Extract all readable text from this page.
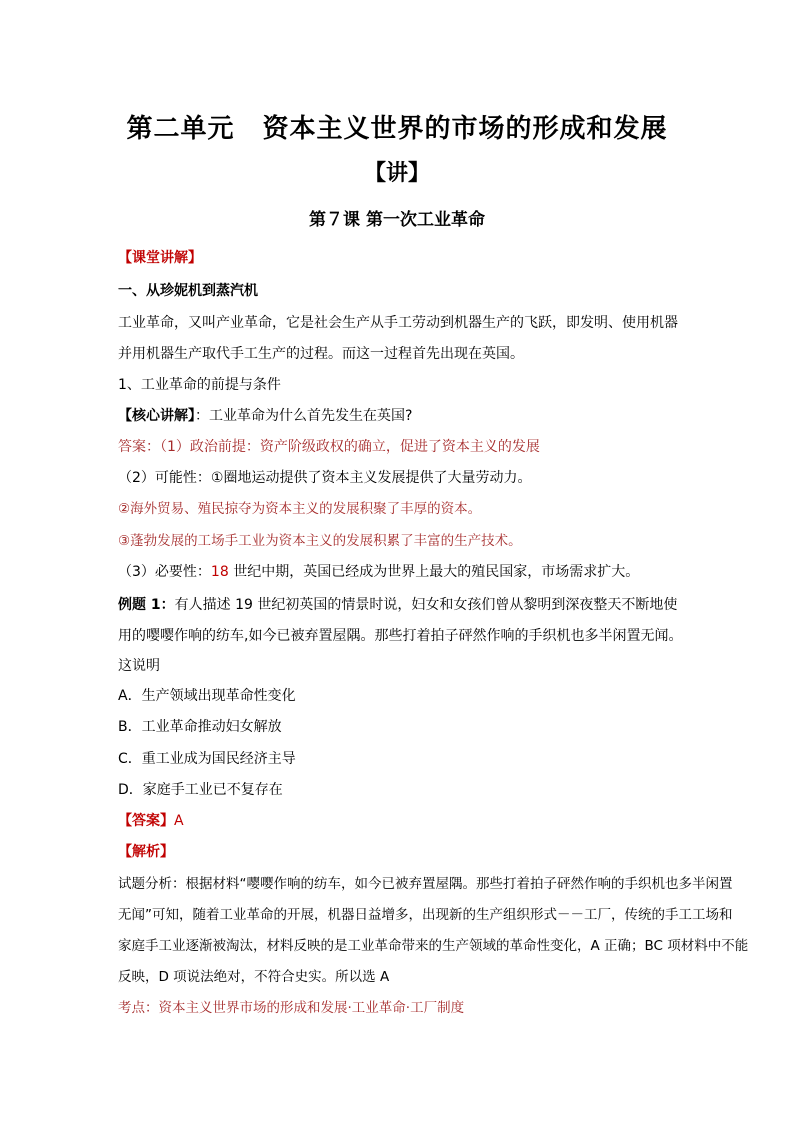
第二单元 资本主义世界的市场的形成和发展
【讲】
第７课 第一次工业革命
【课堂讲解】
一、从珍妮机到蒸汽机
工业革命，又叫产业革命，它是社会生产从手工劳动到机器生产的飞跃，即发明、使用机器
并用机器生产取代手工生产的过程。而这一过程首先出现在英国。
1、工业革命的前提与条件
【核心讲解】：工业革命为什么首先发生在英国?
答案：（1）政治前提：资产阶级政权的确立，促进了资本主义的发展
（2）可能性：①圈地运动提供了资本主义发展提供了大量劳动力。
②海外贸易、殖民掠夺为资本主义的发展积聚了丰厚的资本。
③蓬勃发展的工场手工业为资本主义的发展积累了丰富的生产技术。
（3）必要性：18 世纪中期，英国已经成为世界上最大的殖民国家，市场需求扩大。
例题 1：有人描述 19 世纪初英国的情景时说，妇女和女孩们曾从黎明到深夜整天不断地使
用的嘤嘤作响的纺车,如今已被弃置屋隅。那些打着拍子砰然作响的手织机也多半闲置无闻。
这说明
A．生产领域出现革命性变化
B．工业革命推动妇女解放
C．重工业成为国民经济主导
D．家庭手工业已不复存在
【答案】A
【解析】
试题分析：根据材料“嘤嘤作响的纺车，如今已被弃置屋隅。那些打着拍子砰然作响的手织机也多半闲置
无闻”可知，随着工业革命的开展，机器日益增多，出现新的生产组织形式－－工厂，传统的手工工场和
家庭手工业逐渐被淘汰，材料反映的是工业革命带来的生产领域的革命性变化，A 正确；BC 项材料中不能
反映，D 项说法绝对，不符合史实。所以选 A
考点：资本主义世界市场的形成和发展·工业革命·工厂制度
